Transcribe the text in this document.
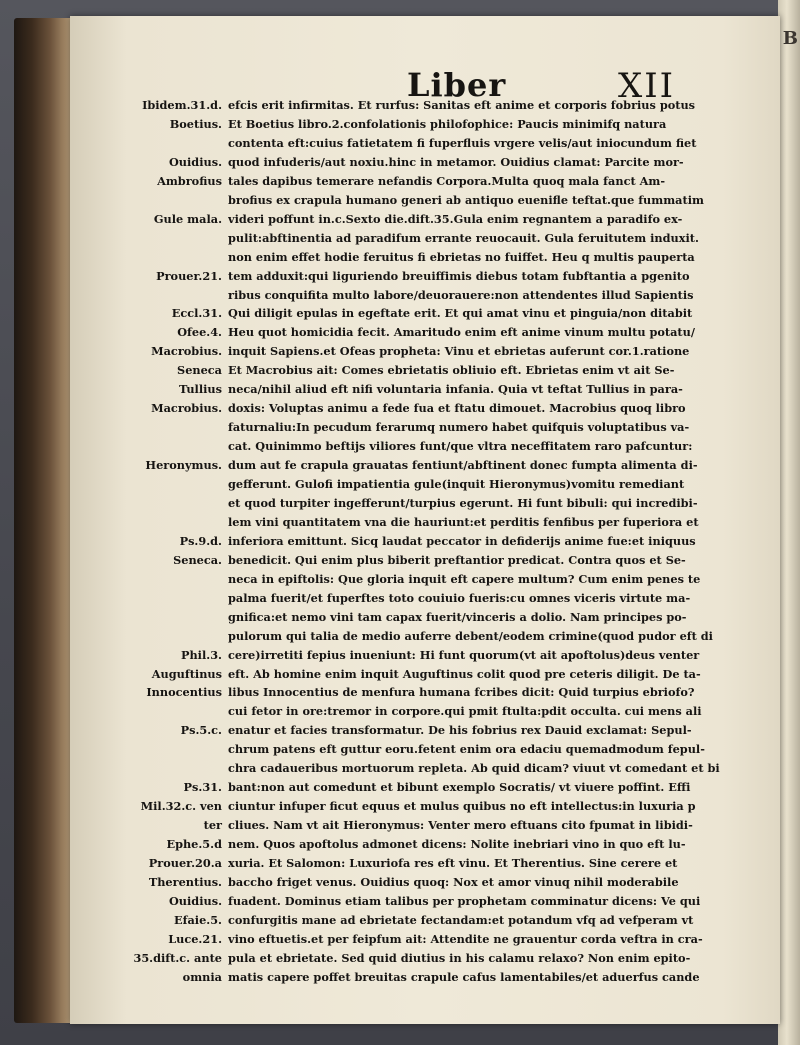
B
Liber	XII
Ibidem.31.d. efcis erit infirmitas. Et rurfus: Sanitas eft anime et corporis fobrius potus
Boetius. Et Boetius libro.2.confolationis philofophice: Paucis minimifq natura
contenta eft:cuius fatietatem fi fuperfluis vrgere velis/aut iniocundum fiet
Ouidius. quod infuderis/aut noxiu.hinc in metamor. Ouidius clamat: Parcite mor-
Ambrofius tales dapibus temerare nefandis Corpora.Multa quoq mala fanct Am-
brofius ex crapula humano generi ab antiquo euenifle teftat.que fummatim
Gule mala. videri poffunt in.c.Sexto die.dift.35.Gula enim regnantem a paradifo ex-
pulit:abftinentia ad paradifum errante reuocauit. Gula feruitutem induxit.
non enim effet hodie feruitus fi ebrietas no fuiffet. Heu q multis pauperta
Prouer.21. tem adduxit:qui liguriendo breuiffimis diebus totam fubftantia a pgenito
ribus conquifita multo labore/deuorauere:non attendentes illud Sapientis
Eccl.31. Qui diligit epulas in egeftate erit. Et qui amat vinu et pinguia/non ditabit
Ofee.4. Heu quot homicidia fecit. Amaritudo enim eft anime vinum multu potatu/
Macrobius. inquit Sapiens.et Ofeas propheta: Vinu et ebrietas auferunt cor.1.ratione
Seneca Et Macrobius ait: Comes ebrietatis obliuio eft. Ebrietas enim vt ait Se-
Tullius neca/nihil aliud eft nifi voluntaria infania. Quia vt teftat Tullius in para-
Macrobius. doxis: Voluptas animu a fede fua et ftatu dimouet. Macrobius quoq libro
faturnaliu:In pecudum ferarumq numero habet quifquis voluptatibus va-
cat. Quinimmo beftijs viliores funt/que vltra neceffitatem raro pafcuntur:
Heronymus. dum aut fe crapula grauatas fentiunt/abftinent donec fumpta alimenta di-
gefferunt. Gulofi impatientia gule(inquit Hieronymus)vomitu remediant
et quod turpiter ingefferunt/turpius egerunt. Hi funt bibuli: qui incredibi-
lem vini quantitatem vna die hauriunt:et perditis fenfibus per fuperiora et
Ps.9.d. inferiora emittunt. Sicq laudat peccator in defiderijs anime fue:et iniquus
Seneca. benedicit. Qui enim plus biberit preftantior predicat. Contra quos et Se-
neca in epiftolis: Que gloria inquit eft capere multum? Cum enim penes te
palma fuerit/et fuperftes toto couiuio fueris:cu omnes viceris virtute ma-
gnifica:et nemo vini tam capax fuerit/vinceris a dolio. Nam principes po-
pulorum qui talia de medio auferre debent/eodem crimine(quod pudor eft di
Phil.3. cere)irretiti fepius inueniunt: Hi funt quorum(vt ait apoftolus)deus venter
Auguftinus eft. Ab homine enim inquit Auguftinus colit quod pre ceteris diligit. De ta-
Innocentius libus Innocentius de menfura humana fcribes dicit: Quid turpius ebriofo?
cui fetor in ore:tremor in corpore.qui pmit ftulta:pdit occulta. cui mens ali
Ps.5.c. enatur et facies transformatur. De his fobrius rex Dauid exclamat: Sepul-
chrum patens eft guttur eoru.fetent enim ora edaciu quemadmodum fepul-
chra cadaueribus mortuorum repleta. Ab quid dicam? viuut vt comedant et bi
Ps.31. bant:non aut comedunt et bibunt exemplo Socratis/ vt viuere poffint. Effi
Mil.32.c. ven ciuntur infuper ficut equus et mulus quibus no eft intellectus:in luxuria p
ter cliues. Nam vt ait Hieronymus: Venter mero eftuans cito fpumat in libidi-
Ephe.5.d nem. Quos apoftolus admonet dicens: Nolite inebriari vino in quo eft lu-
Prouer.20.a xuria. Et Salomon: Luxuriofa res eft vinu. Et Therentius. Sine cerere et
Therentius. baccho friget venus. Ouidius quoq: Nox et amor vinuq nihil moderabile
Ouidius. fuadent. Dominus etiam talibus per prophetam comminatur dicens: Ve qui
Efaie.5. confurgitis mane ad ebrietate fectandam:et potandum vfq ad vefperam vt
Luce.21. vino eftuetis.et per feipfum ait: Attendite ne grauentur corda veftra in cra-
35.dift.c. ante pula et ebrietate. Sed quid diutius in his calamu relaxo? Non enim epito-
omnia matis capere poffet breuitas crapule cafus lamentabiles/et aduerfus cande
